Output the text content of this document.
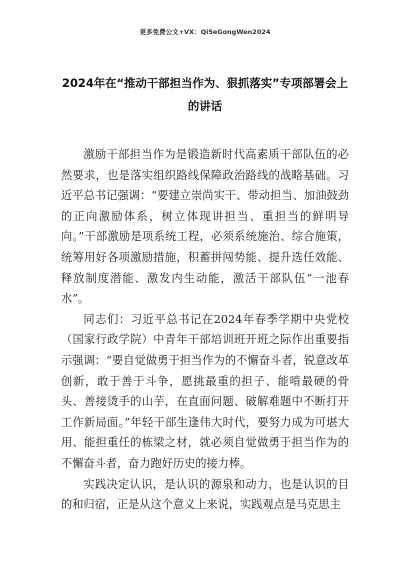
更多免费公文+VX：Qi5eGongWen2024
2024年在“推动干部担当作为、狠抓落实”专项部署会上的讲话

激励干部担当作为是锻造新时代高素质干部队伍的必然要求，也是落实组织路线保障政治路线的战略基础。习近平总书记强调：“要建立崇尚实干、带动担当、加油鼓劲的正向激励体系，树立体现讲担当、重担当的鲜明导向。”干部激励是项系统工程，必须系统施治、综合施策，统筹用好各项激励措施，积蓄拼闯势能、提升选任效能、释放制度潜能、激发内生动能，激活干部队伍“一池春水”。

同志们：习近平总书记在2024年春季学期中央党校（国家行政学院）中青年干部培训班开班之际作出重要指示强调：“要自觉做勇于担当作为的不懈奋斗者，锐意改革创新，敢于善于斗争，愿挑最重的担子、能啃最硬的骨头、善接烫手的山芋，在直面问题、破解难题中不断打开工作新局面。”年轻干部生逢伟大时代，要努力成为可堪大用、能担重任的栋梁之材，就必须自觉做勇于担当作为的不懈奋斗者，奋力跑好历史的接力棒。

实践决定认识，是认识的源泉和动力，也是认识的目的和归宿，正是从这个意义上来说，实践观点是马克思主
